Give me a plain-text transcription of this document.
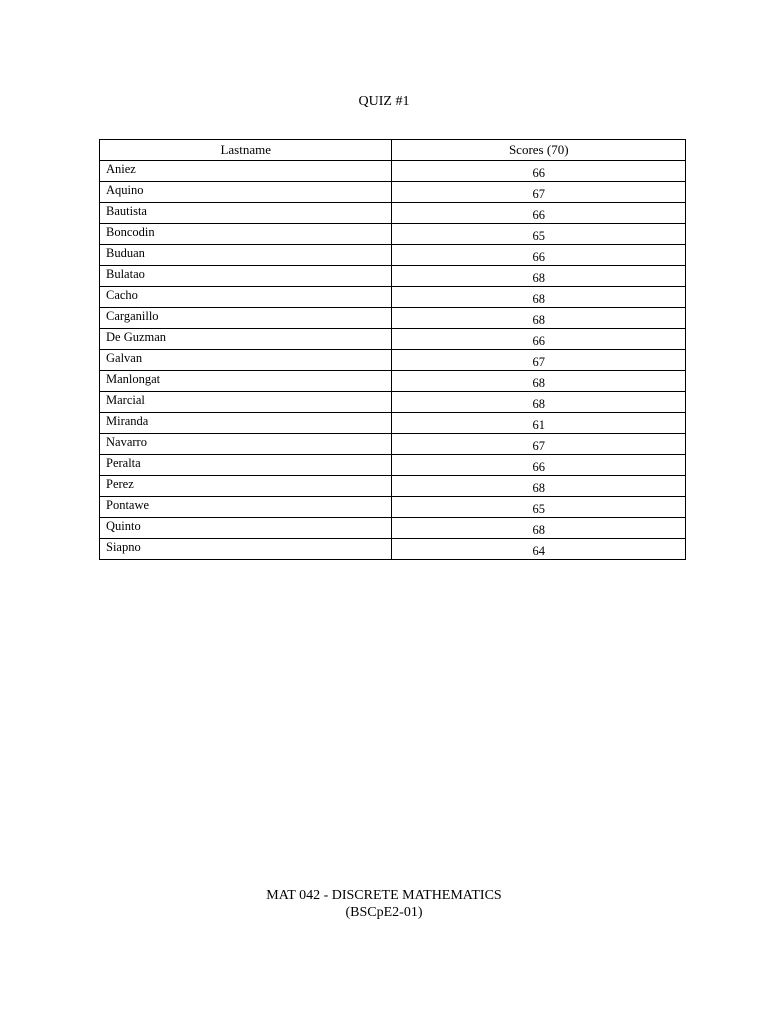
QUIZ #1
Lastname	Scores (70)
Aniez	66
Aquino	67
Bautista	66
Boncodin	65
Buduan	66
Bulatao	68
Cacho	68
Carganillo	68
De Guzman	66
Galvan	67
Manlongat	68
Marcial	68
Miranda	61
Navarro	67
Peralta	66
Perez	68
Pontawe	65
Quinto	68
Siapno	64
MAT 042 - DISCRETE MATHEMATICS
(BSCpE2-01)
